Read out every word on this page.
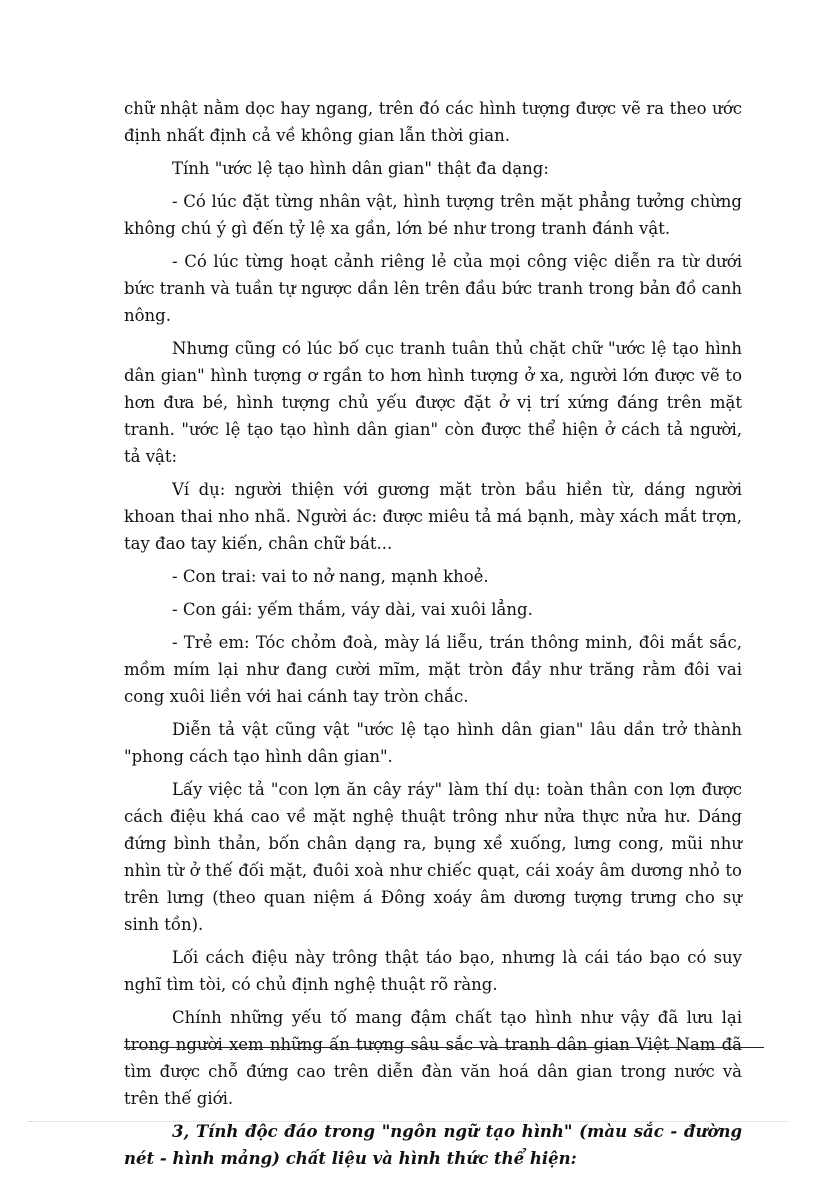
chữ nhật nằm dọc hay ngang, trên đó các hình tượng được vẽ ra theo ước định nhất định cả về không gian lẫn thời gian.

Tính "ước lệ tạo hình dân gian" thật đa dạng:

- Có lúc đặt từng nhân vật, hình tượng trên mặt phẳng tưởng chừng không chú ý gì đến tỷ lệ xa gần, lớn bé như trong tranh đánh vật.

- Có lúc từng hoạt cảnh riêng lẻ của mọi công việc diễn ra từ dưới bức tranh và tuần tự ngược dần lên trên đầu bức tranh trong bản đồ canh nông.

Nhưng cũng có lúc bố cục tranh tuân thủ chặt chữ "ước lệ tạo hình dân gian" hình tượng ơ rgần to hơn hình tượng ở xa, người lớn được vẽ to hơn đưa bé, hình tượng chủ yếu được đặt ở vị trí xứng đáng trên mặt tranh. "ước lệ tạo tạo hình dân gian" còn được thể hiện ở cách tả người, tả vật:

Ví dụ: người thiện với gương mặt tròn bầu hiền từ, dáng người khoan thai nho nhã. Người ác: được miêu tả má bạnh, mày xách mắt trợn, tay đao tay kiến, chân chữ bát...

- Con trai: vai to nở nang, mạnh khoẻ.

- Con gái: yếm thắm, váy dài, vai xuôi lẳng.

- Trẻ em: Tóc chỏm đoà, mày lá liễu, trán thông minh, đôi mắt sắc, mồm mím lại như đang cười mĩm, mặt tròn đầy như trăng rằm đôi vai cong xuôi liền với hai cánh tay tròn chắc.

Diễn tả vật cũng vật "ước lệ tạo hình dân gian" lâu dần trở thành "phong cách tạo hình dân gian".

Lấy việc tả "con lợn ăn cây ráy" làm thí dụ: toàn thân con lợn được cách điệu khá cao về mặt nghệ thuật trông như nửa thực nửa hư. Dáng đứng bình thản, bốn chân dạng ra, bụng xề xuống, lưng cong, mũi như nhìn từ ở thế đối mặt, đuôi xoà như chiếc quạt, cái xoáy âm dương nhỏ to trên lưng (theo quan niệm á Đông xoáy âm dương tượng trưng cho sự sinh tồn).

Lối cách điệu này trông thật táo bạo, nhưng là cái táo bạo có suy nghĩ tìm tòi, có chủ định nghệ thuật rõ ràng.

Chính những yếu tố mang đậm chất tạo hình như vậy đã lưu lại trong người xem những ấn tượng sâu sắc và tranh dân gian Việt Nam đã tìm được chỗ đứng cao trên diễn đàn văn hoá dân gian trong nước và trên thế giới.

3, Tính độc đáo trong "ngôn ngữ tạo hình" (màu sắc - đường nét - hình mảng) chất liệu và hình thức thể hiện:
